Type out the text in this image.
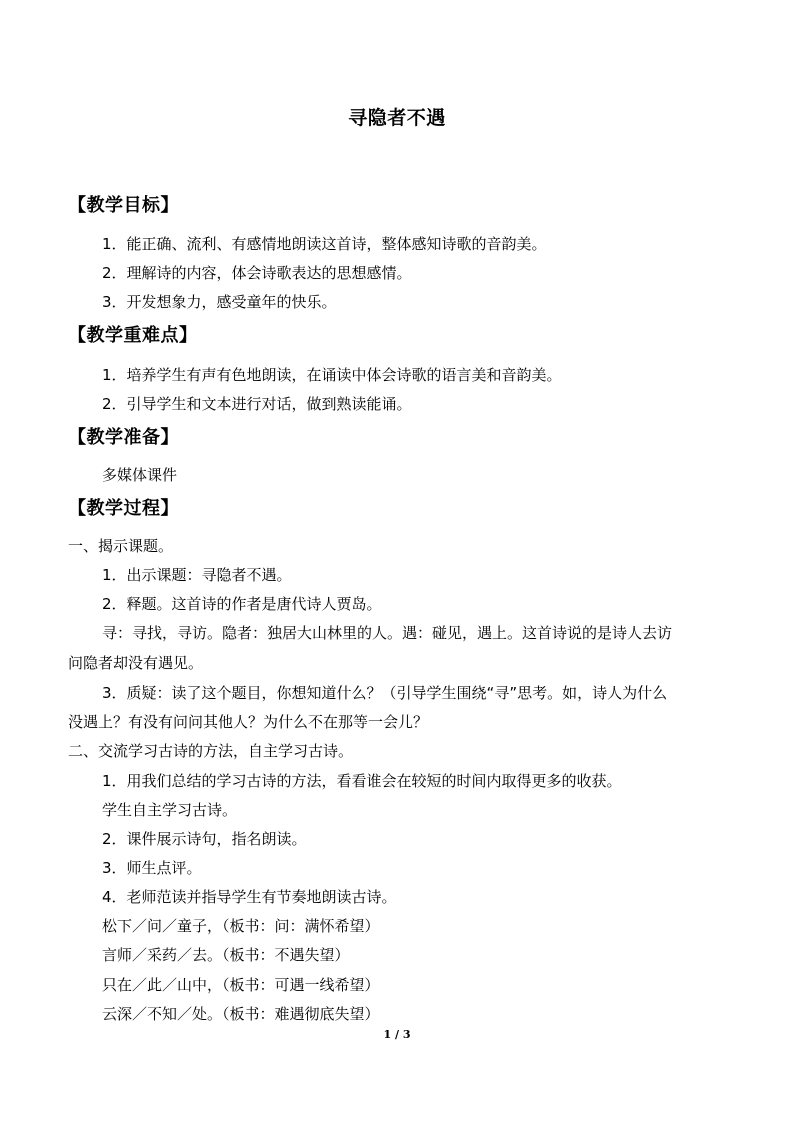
寻隐者不遇
【教学目标】
1．能正确、流利、有感情地朗读这首诗，整体感知诗歌的音韵美。
2．理解诗的内容，体会诗歌表达的思想感情。
3．开发想象力，感受童年的快乐。
【教学重难点】
1．培养学生有声有色地朗读，在诵读中体会诗歌的语言美和音韵美。
2．引导学生和文本进行对话，做到熟读能诵。
【教学准备】
多媒体课件
【教学过程】
一、揭示课题。
1．出示课题：寻隐者不遇。
2．释题。这首诗的作者是唐代诗人贾岛。
寻：寻找，寻访。隐者：独居大山林里的人。遇：碰见，遇上。这首诗说的是诗人去访
问隐者却没有遇见。
3．质疑：读了这个题目，你想知道什么？（引导学生围绕“寻”思考。如，诗人为什么
没遇上？有没有问问其他人？为什么不在那等一会儿？
二、交流学习古诗的方法，自主学习古诗。
1．用我们总结的学习古诗的方法，看看谁会在较短的时间内取得更多的收获。
学生自主学习古诗。
2．课件展示诗句，指名朗读。
3．师生点评。
4．老师范读并指导学生有节奏地朗读古诗。
松下／问／童子，（板书：问：满怀希望）
言师／采药／去。（板书：不遇失望）
只在／此／山中，（板书：可遇一线希望）
云深／不知／处。（板书：难遇彻底失望）
1 / 3
